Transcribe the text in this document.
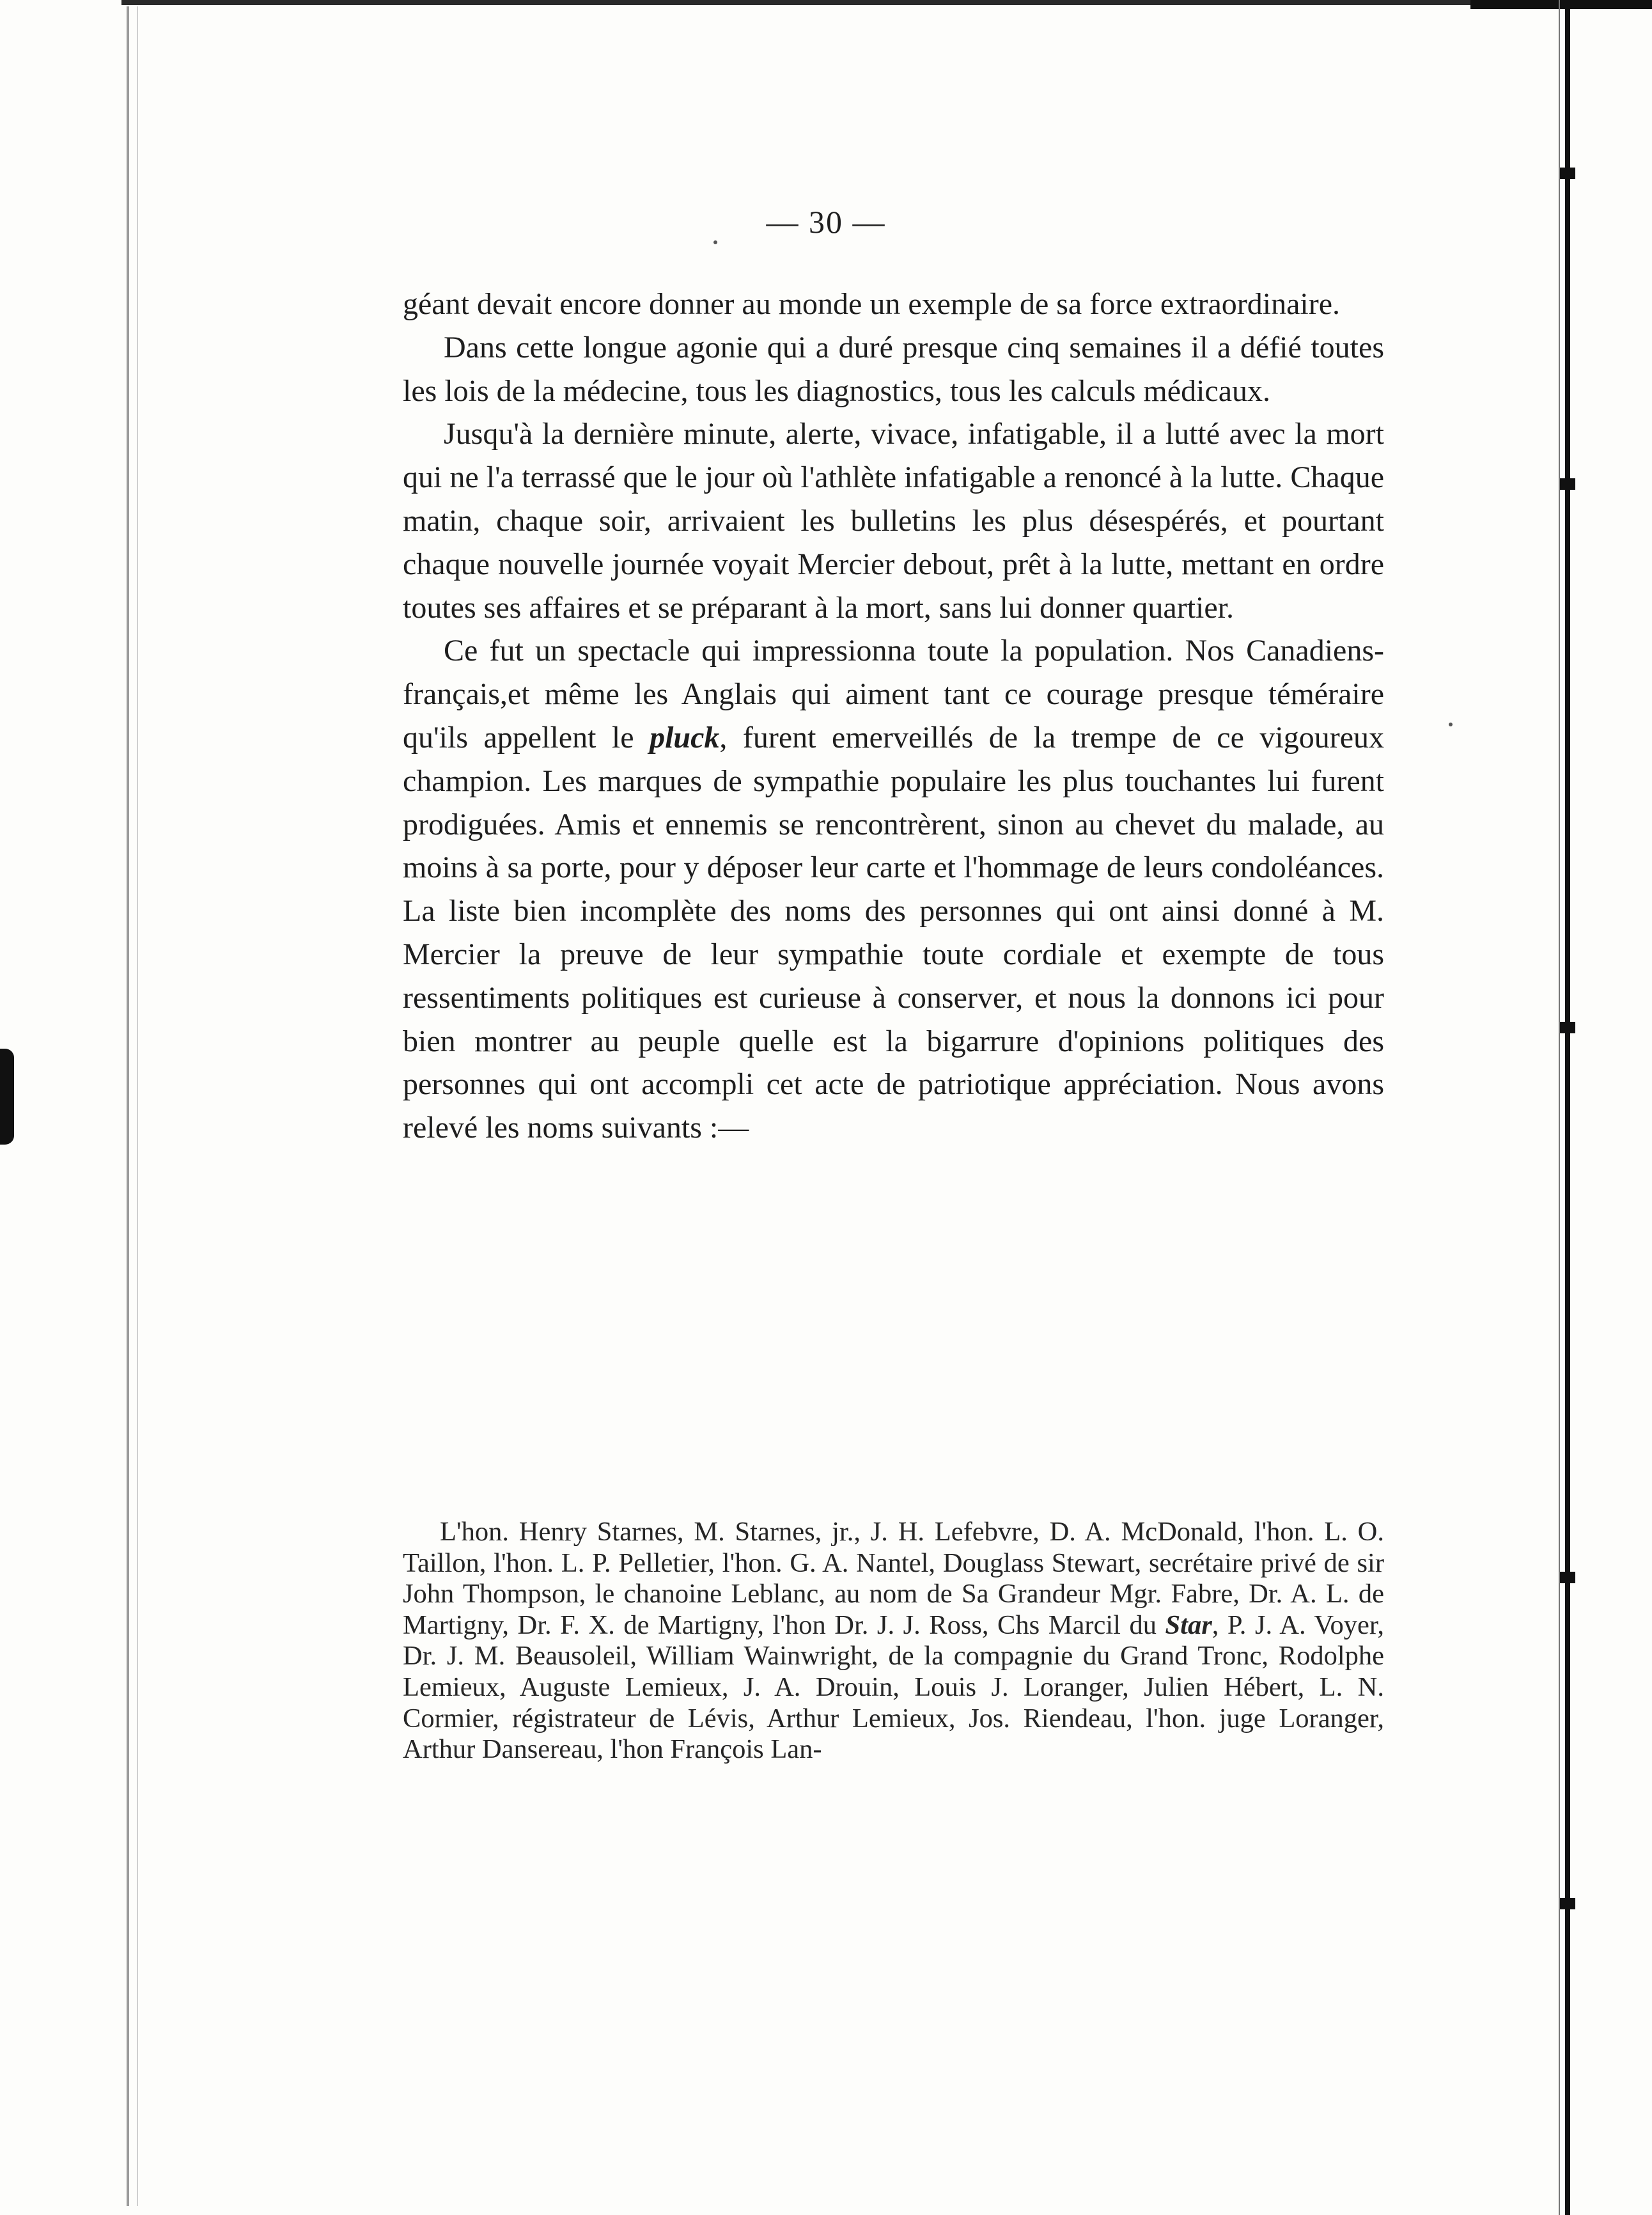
— 30 —

géant devait encore donner au monde un exemple de sa force extraordinaire.

Dans cette longue agonie qui a duré presque cinq semaines il a défié toutes les lois de la médecine, tous les diagnostics, tous les calculs médicaux.

Jusqu'à la dernière minute, alerte, vivace, infatigable, il a lutté avec la mort qui ne l'a terrassé que le jour où l'athlète infatigable a renoncé à la lutte. Chaque matin, chaque soir, arrivaient les bulletins les plus désespérés, et pourtant chaque nouvelle journée voyait Mercier debout, prêt à la lutte, mettant en ordre toutes ses affaires et se préparant à la mort, sans lui donner quartier.

Ce fut un spectacle qui impressionna toute la population. Nos Canadiens-français,et même les Anglais qui aiment tant ce courage presque téméraire qu'ils appellent le pluck, furent emerveillés de la trempe de ce vigoureux champion. Les marques de sympathie populaire les plus touchantes lui furent prodiguées. Amis et ennemis se rencontrèrent, sinon au chevet du malade, au moins à sa porte, pour y déposer leur carte et l'hommage de leurs condoléances. La liste bien incomplète des noms des personnes qui ont ainsi donné à M. Mercier la preuve de leur sympathie toute cordiale et exempte de tous ressentiments politiques est curieuse à conserver, et nous la donnons ici pour bien montrer au peuple quelle est la bigarrure d'opinions politiques des personnes qui ont accompli cet acte de patriotique appréciation. Nous avons relevé les noms suivants :—

L'hon. Henry Starnes, M. Starnes, jr., J. H. Lefebvre, D. A. McDonald, l'hon. L. O. Taillon, l'hon. L. P. Pelletier, l'hon. G. A. Nantel, Douglass Stewart, secrétaire privé de sir John Thompson, le chanoine Leblanc, au nom de Sa Grandeur Mgr. Fabre, Dr. A. L. de Martigny, Dr. F. X. de Martigny, l'hon Dr. J. J. Ross, Chs Marcil du Star, P. J. A. Voyer, Dr. J. M. Beausoleil, William Wainwright, de la compagnie du Grand Tronc, Rodolphe Lemieux, Auguste Lemieux, J. A. Drouin, Louis J. Loranger, Julien Hébert, L. N. Cormier, régistrateur de Lévis, Arthur Lemieux, Jos. Riendeau, l'hon. juge Loranger, Arthur Dansereau, l'hon François Lan-
